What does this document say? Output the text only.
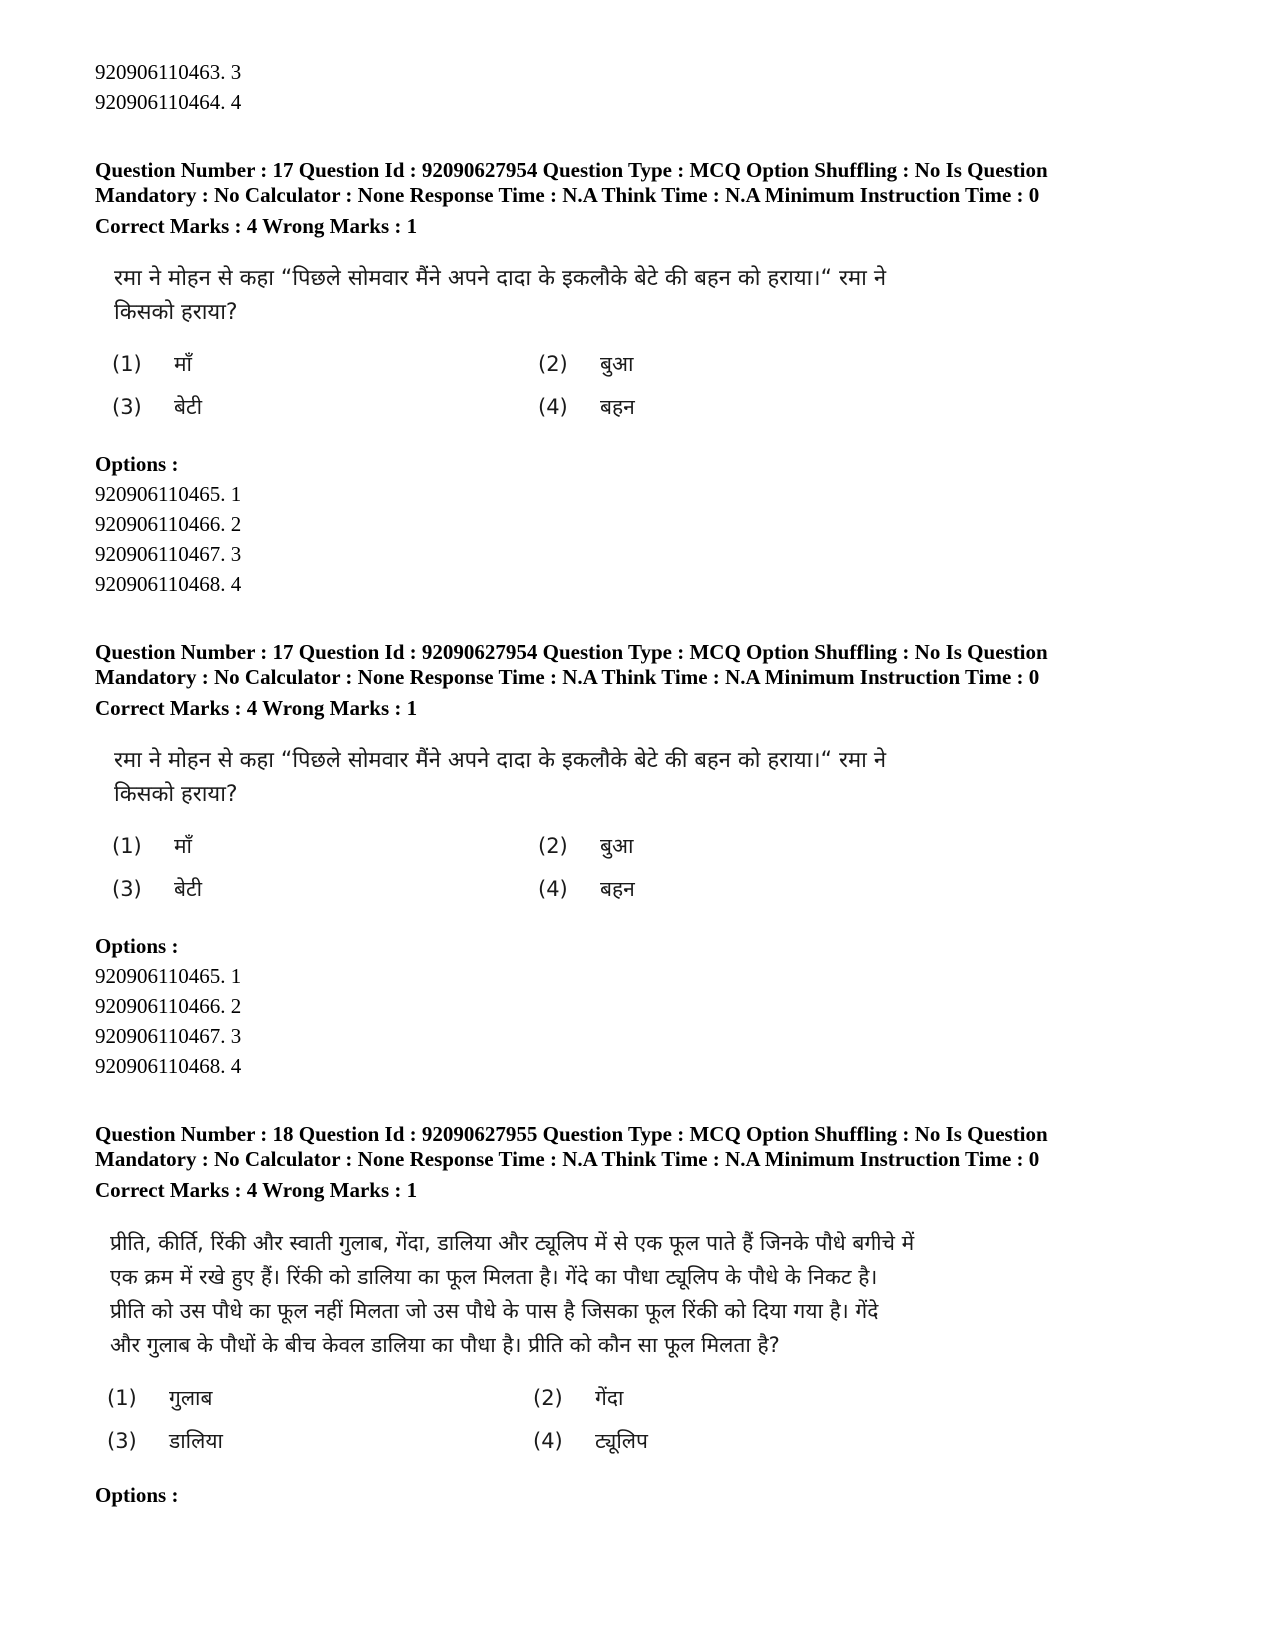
920906110463. 3
920906110464. 4
Question Number : 17 Question Id : 92090627954 Question Type : MCQ Option Shuffling : No Is Question
Mandatory : No Calculator : None Response Time : N.A Think Time : N.A Minimum Instruction Time : 0
Correct Marks : 4 Wrong Marks : 1
रमा ने मोहन से कहा “पिछले सोमवार मैंने अपने दादा के इकलौके बेटे की बहन को हराया।“ रमा ने
किसको हराया?
(1) माँ	(2) बुआ
(3) बेटी	(4) बहन
Options :
920906110465. 1
920906110466. 2
920906110467. 3
920906110468. 4
Question Number : 17 Question Id : 92090627954 Question Type : MCQ Option Shuffling : No Is Question
Mandatory : No Calculator : None Response Time : N.A Think Time : N.A Minimum Instruction Time : 0
Correct Marks : 4 Wrong Marks : 1
रमा ने मोहन से कहा “पिछले सोमवार मैंने अपने दादा के इकलौके बेटे की बहन को हराया।“ रमा ने
किसको हराया?
(1) माँ	(2) बुआ
(3) बेटी	(4) बहन
Options :
920906110465. 1
920906110466. 2
920906110467. 3
920906110468. 4
Question Number : 18 Question Id : 92090627955 Question Type : MCQ Option Shuffling : No Is Question
Mandatory : No Calculator : None Response Time : N.A Think Time : N.A Minimum Instruction Time : 0
Correct Marks : 4 Wrong Marks : 1
प्रीति, कीर्ति, रिंकी और स्वाती गुलाब, गेंदा, डालिया और ट्यूलिप में से एक फूल पाते हैं जिनके पौधे बगीचे में
एक क्रम में रखे हुए हैं। रिंकी को डालिया का फूल मिलता है। गेंदे का पौधा ट्यूलिप के पौधे के निकट है।
प्रीति को उस पौधे का फूल नहीं मिलता जो उस पौधे के पास है जिसका फूल रिंकी को दिया गया है। गेंदे
और गुलाब के पौधों के बीच केवल डालिया का पौधा है। प्रीति को कौन सा फूल मिलता है?
(1) गुलाब	(2) गेंदा
(3) डालिया	(4) ट्यूलिप
Options :
